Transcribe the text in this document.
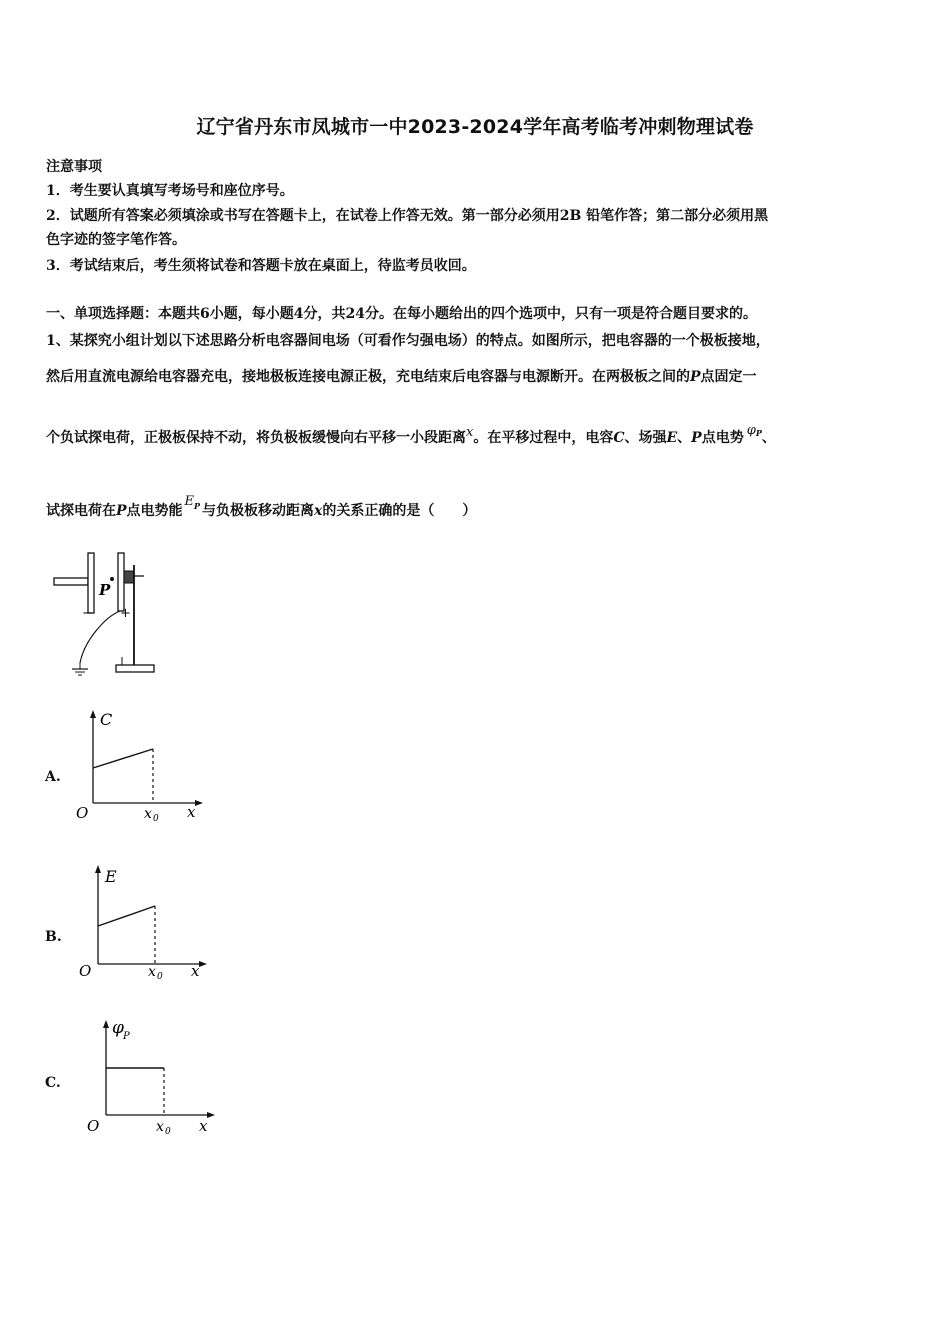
辽宁省丹东市凤城市一中2023-2024学年高考临考冲刺物理试卷
注意事项
1．考生要认真填写考场号和座位序号。
2．试题所有答案必须填涂或书写在答题卡上，在试卷上作答无效。第一部分必须用2B 铅笔作答；第二部分必须用黑
色字迹的签字笔作答。
3．考试结束后，考生须将试卷和答题卡放在桌面上，待监考员收回。
一、单项选择题：本题共6小题，每小题4分，共24分。在每小题给出的四个选项中，只有一项是符合题目要求的。
1、某探究小组计划以下述思路分析电容器间电场（可看作匀强电场）的特点。如图所示，把电容器的一个极板接地，
然后用直流电源给电容器充电，接地极板连接电源正极，充电结束后电容器与电源断开。在两极板之间的P点固定一
个负试探电荷，正极板保持不动，将负极板缓慢向右平移一小段距离x。在平移过程中，电容C、场强E、P点电势 $\varphi^P$、
试探电荷在P点电势能$E^P$ 与负极板移动距离x的关系正确的是（　　）
P
− +
A.
C
O	x 0 x
B.
E
O	x 0 x
C.
φ P
O	x 0 x
